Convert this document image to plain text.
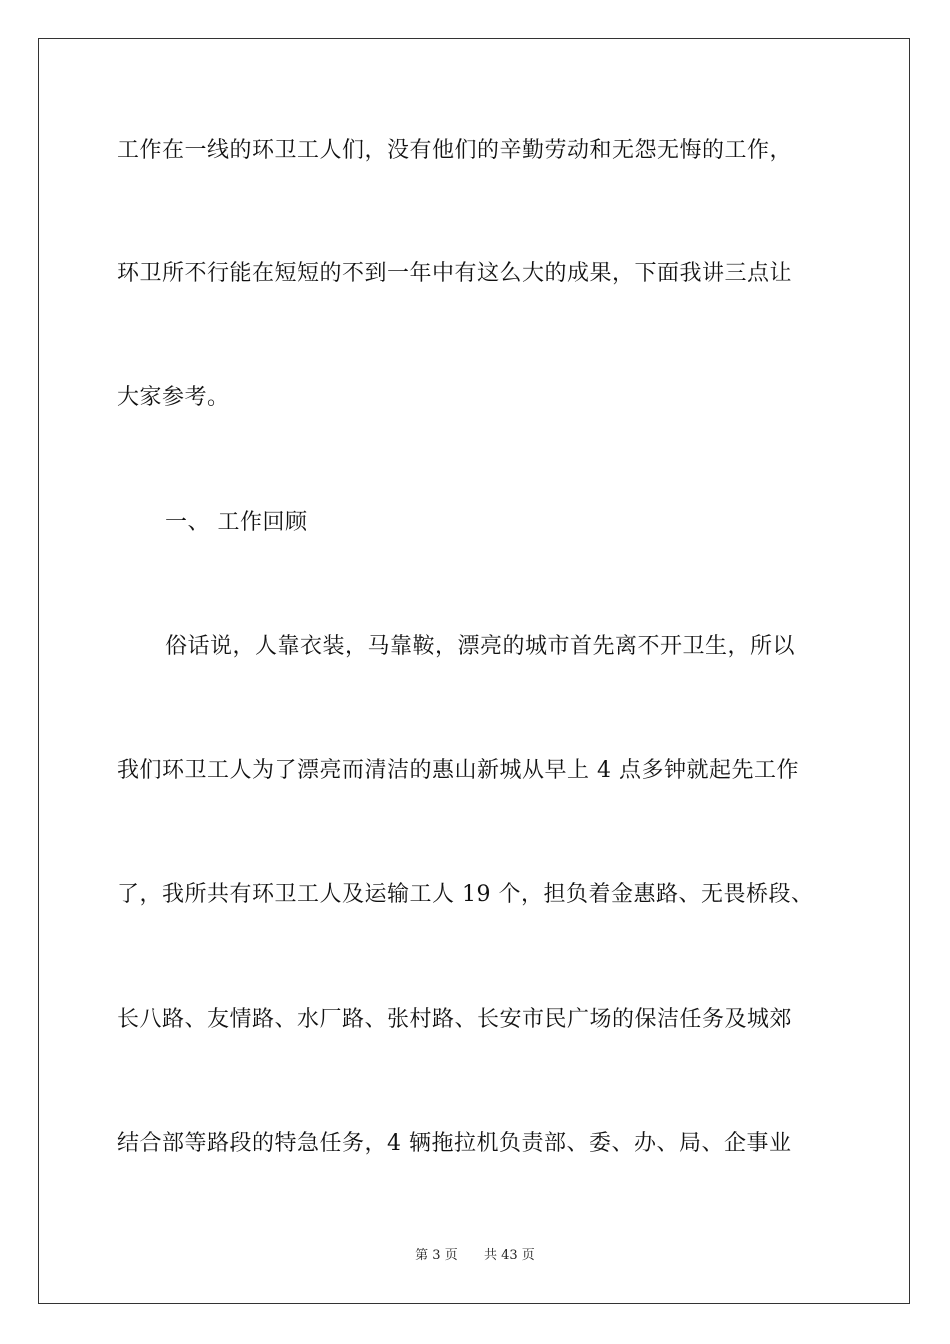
工作在一线的环卫工人们，没有他们的辛勤劳动和无怨无悔的工作，
环卫所不行能在短短的不到一年中有这么大的成果，下面我讲三点让
大家参考。
一、 工作回顾
俗话说，人靠衣装，马靠鞍，漂亮的城市首先离不开卫生，所以
我们环卫工人为了漂亮而清洁的惠山新城从早上 4 点多钟就起先工作
了，我所共有环卫工人及运输工人 19 个，担负着金惠路、无畏桥段、
长八路、友情路、水厂路、张村路、长安市民广场的保洁任务及城郊
结合部等路段的特急任务，4 辆拖拉机负责部、委、办、局、企事业
第 3 页 共 43 页
